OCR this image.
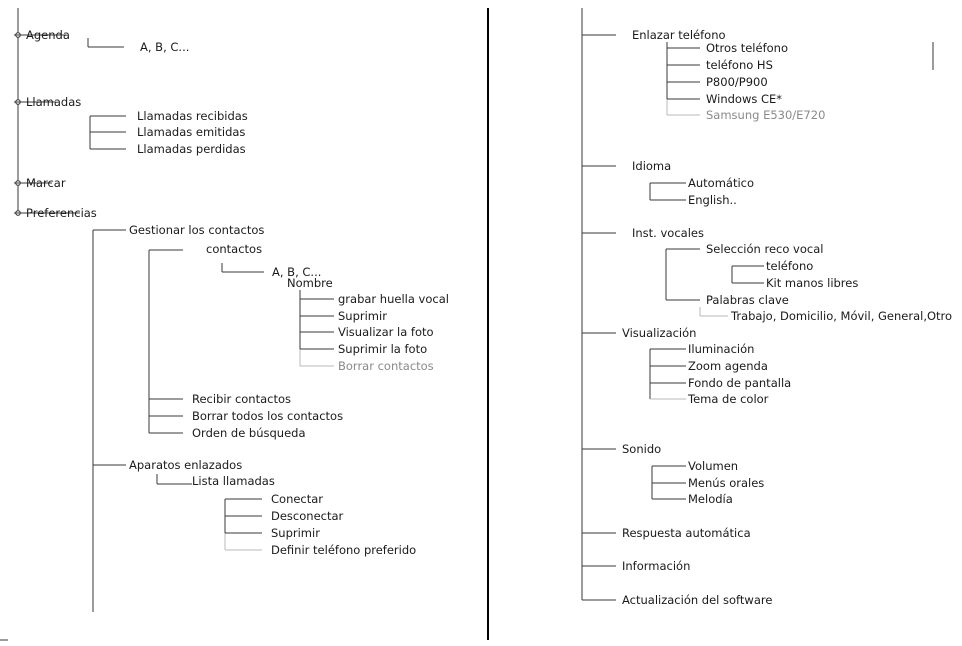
Agenda
A, B, C...
Llamadas
Llamadas recibidas
Llamadas emitidas
Llamadas perdidas
Marcar
Preferencias
Gestionar los contactos
contactos
A, B, C...
Nombre
grabar huella vocal
Suprimir
Visualizar la foto
Suprimir la foto
Borrar contactos
Recibir contactos
Borrar todos los contactos
Orden de búsqueda
Aparatos enlazados
Lista llamadas
Conectar
Desconectar
Suprimir
Definir teléfono preferido
Enlazar teléfono
Otros teléfono
teléfono HS
P800/P900
Windows CE*
Samsung E530/E720
Idioma
Automático
English..
Inst. vocales
Selección reco vocal
teléfono
Kit manos libres
Palabras clave
Trabajo, Domicilio, Móvil, General,Otro
Visualización
Iluminación
Zoom agenda
Fondo de pantalla
Tema de color
Sonido
Volumen
Menús orales
Melodía
Respuesta automática
Información
Actualización del software
